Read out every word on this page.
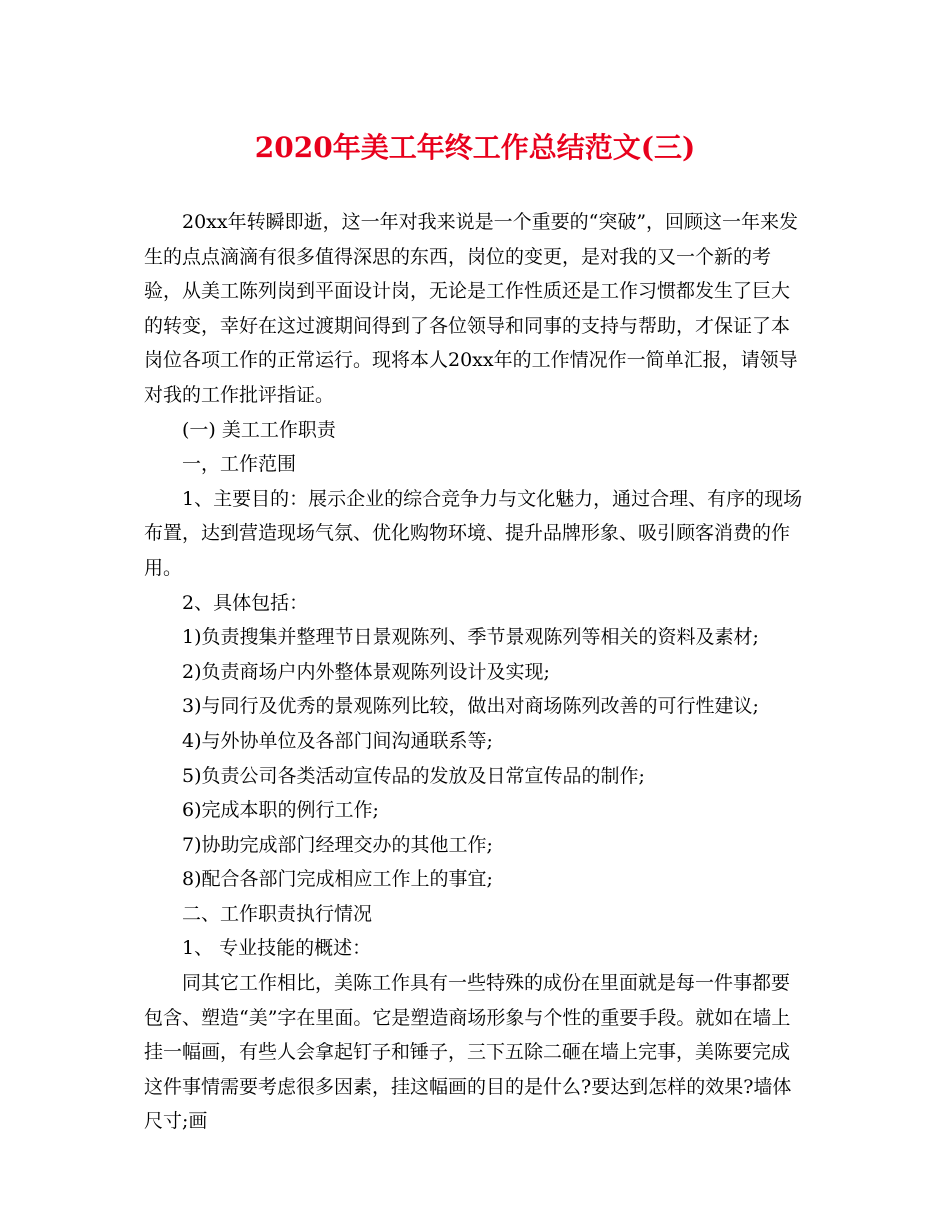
2020年美工年终工作总结范文(三)

20xx年转瞬即逝，这一年对我来说是一个重要的“突破”，回顾这一年来发生的点点滴滴有很多值得深思的东西，岗位的变更，是对我的又一个新的考验，从美工陈列岗到平面设计岗，无论是工作性质还是工作习惯都发生了巨大的转变，幸好在这过渡期间得到了各位领导和同事的支持与帮助，才保证了本岗位各项工作的正常运行。现将本人20xx年的工作情况作一简单汇报，请领导对我的工作批评指证。

(一) 美工工作职责

一，工作范围

1、主要目的：展示企业的综合竞争力与文化魅力，通过合理、有序的现场布置，达到营造现场气氛、优化购物环境、提升品牌形象、吸引顾客消费的作用。

2、具体包括：

1)负责搜集并整理节日景观陈列、季节景观陈列等相关的资料及素材;

2)负责商场户内外整体景观陈列设计及实现;

3)与同行及优秀的景观陈列比较，做出对商场陈列改善的可行性建议;

4)与外协单位及各部门间沟通联系等;

5)负责公司各类活动宣传品的发放及日常宣传品的制作;

6)完成本职的例行工作;

7)协助完成部门经理交办的其他工作;

8)配合各部门完成相应工作上的事宜;

二、工作职责执行情况

1、 专业技能的概述：

同其它工作相比，美陈工作具有一些特殊的成份在里面就是每一件事都要包含、塑造“美”字在里面。它是塑造商场形象与个性的重要手段。就如在墙上挂一幅画，有些人会拿起钉子和锤子，三下五除二砸在墙上完事，美陈要完成这件事情需要考虑很多因素，挂这幅画的目的是什么?要达到怎样的效果?墙体尺寸;画
